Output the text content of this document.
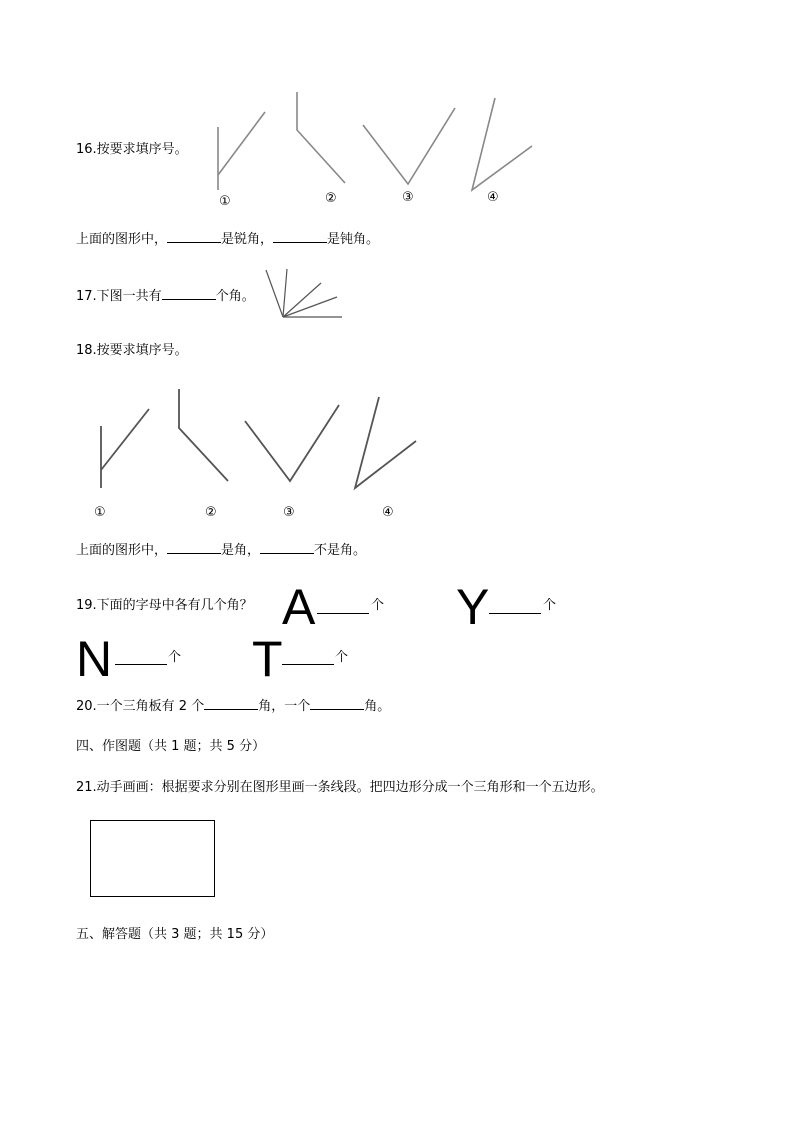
16.按要求填序号。
①	②	③	④
上面的图形中，	是锐角，	是钝角。
17.下图一共有	个角。
18.按要求填序号。
①	②	③	④
上面的图形中，	是角，	不是角。
19.下面的字母中各有几个角？ A	个 Y	个
N	个 T	个
20.一个三角板有 2 个	角，一个	角。
四、作图题（共 1 题；共 5 分）
21.动手画画：根据要求分别在图形里画一条线段。把四边形分成一个三角形和一个五边形。
五、解答题（共 3 题；共 15 分）
